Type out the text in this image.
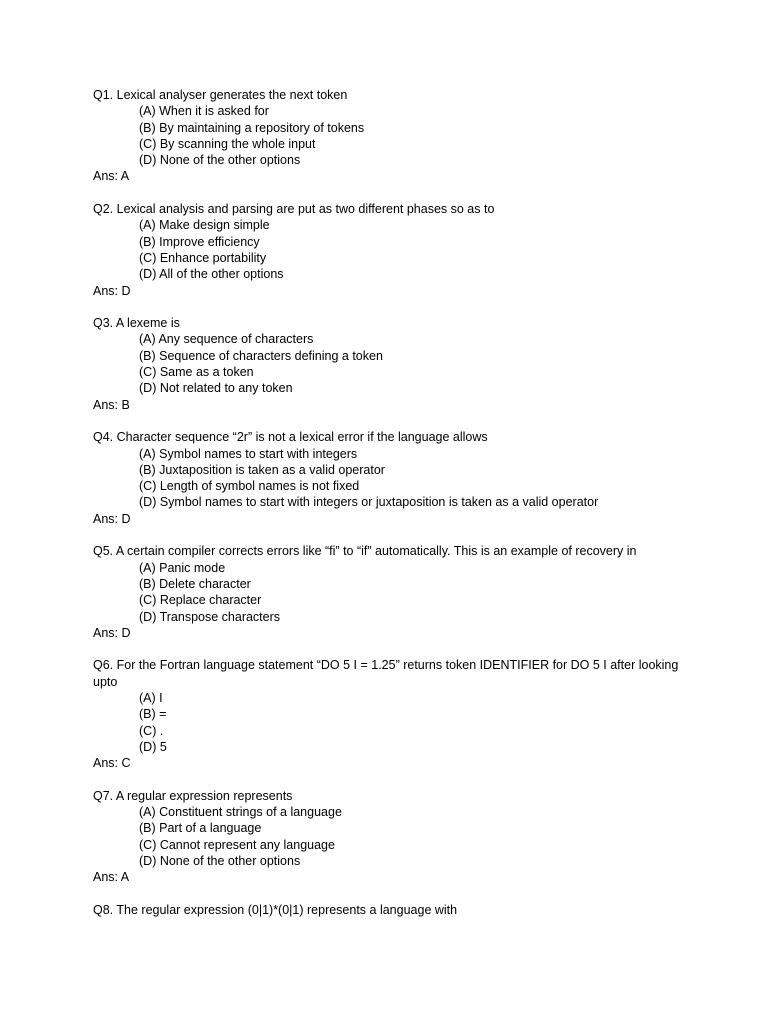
Q1. Lexical analyser generates the next token
(A) When it is asked for
(B) By maintaining a repository of tokens
(C) By scanning the whole input
(D) None of the other options
Ans: A
Q2. Lexical analysis and parsing are put as two different phases so as to
(A) Make design simple
(B) Improve efficiency
(C) Enhance portability
(D) All of the other options
Ans: D
Q3. A lexeme is
(A) Any sequence of characters
(B) Sequence of characters defining a token
(C) Same as a token
(D) Not related to any token
Ans: B
Q4. Character sequence “2r” is not a lexical error if the language allows
(A) Symbol names to start with integers
(B) Juxtaposition is taken as a valid operator
(C) Length of symbol names is not fixed
(D) Symbol names to start with integers or juxtaposition is taken as a valid operator
Ans: D
Q5. A certain compiler corrects errors like “fi” to “if” automatically. This is an example of recovery in
(A) Panic mode
(B) Delete character
(C) Replace character
(D) Transpose characters
Ans: D
Q6. For the Fortran language statement “DO 5 I = 1.25” returns token IDENTIFIER for DO 5 I after looking upto
(A) I
(B) =
(C) .
(D) 5
Ans: C
Q7. A regular expression represents
(A) Constituent strings of a language
(B) Part of a language
(C) Cannot represent any language
(D) None of the other options
Ans: A
Q8. The regular expression (0|1)*(0|1) represents a language with
